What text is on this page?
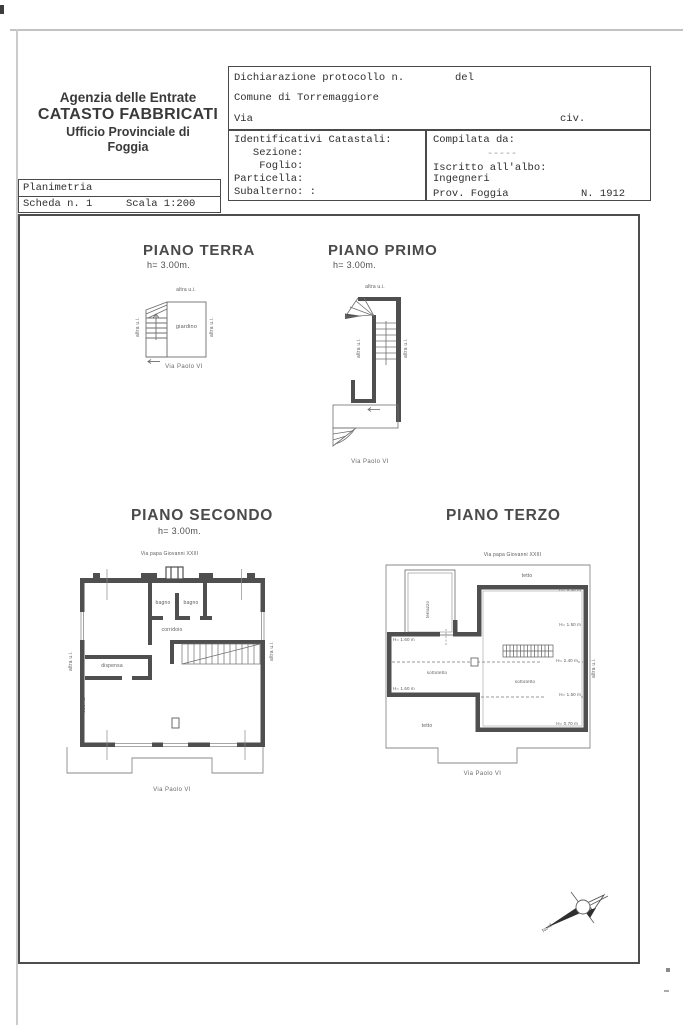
Agenzia delle Entrate
CATASTO FABBRICATI
Ufficio Provinciale di
Foggia
Planimetria
Scheda n. 1	Scala 1:200
Dichiarazione protocollo n.	del
Comune di Torremaggiore
Via	civ.
Identificativi Catastali:
Sezione:
Foglio:
Particella:
Subalterno: :
Compilata da:
-----
Iscritto all'albo:
Ingegneri
Prov. Foggia	N. 1912
PIANO TERRA
h= 3.00m.
altra u.i.
altra u.i.	altra u.i.
giardino
Via Paolo VI
PIANO PRIMO
h= 3.00m.
altra u.i.
altra u.i.	altra u.i.
Via Paolo VI
PIANO SECONDO
h= 3.00m.
Via papa Giovanni XXIII
bagno	bagno
corridoio
dispensa
cucina
altra u.i.
altra u.i.
Via Paolo VI
PIANO TERZO
Via papa Giovanni XXIII
tetto
terrazzo
H= 0.50 m
H= 1.50 m
H= 2.40 m
H= 1.50 m
H= 0.70 m
H= 1.60 m
H= 1.60 m
sottotetto
sottotetto
tetto
altra u.i.
Via Paolo VI
Nord
